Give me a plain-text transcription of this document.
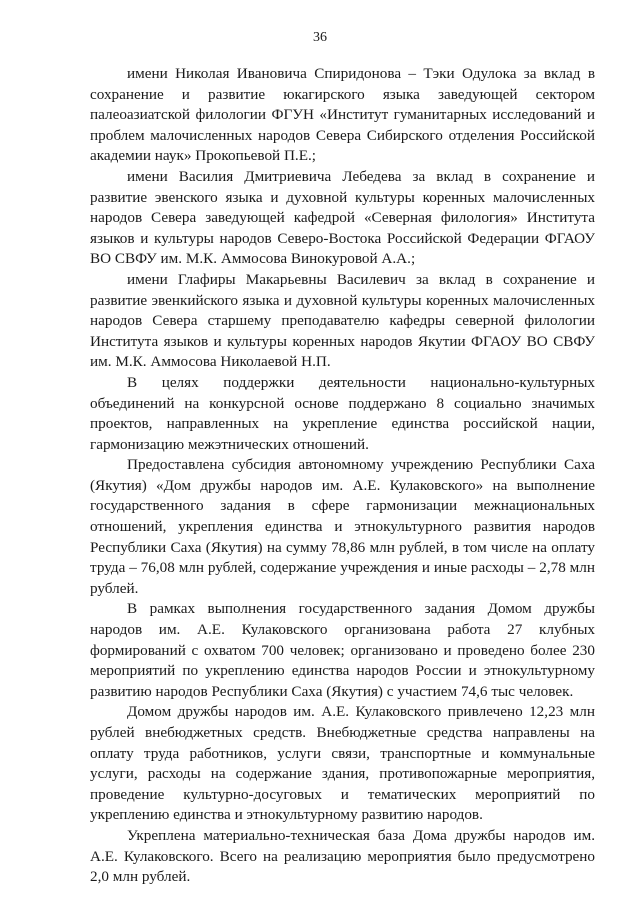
36

имени Николая Ивановича Спиридонова – Тэки Одулока за вклад в сохранение и развитие юкагирского языка заведующей сектором палеоазиатской филологии ФГУН «Институт гуманитарных исследований и проблем малочисленных народов Севера Сибирского отделения Российской академии наук» Прокопьевой П.Е.;

имени Василия Дмитриевича Лебедева за вклад в сохранение и развитие эвенского языка и духовной культуры коренных малочисленных народов Севера заведующей кафедрой «Северная филология» Института языков и культуры народов Северо-Востока Российской Федерации ФГАОУ ВО СВФУ им. М.К. Аммосова Винокуровой А.А.;

имени Глафиры Макарьевны Василевич за вклад в сохранение и развитие эвенкийского языка и духовной культуры коренных малочисленных народов Севера старшему преподавателю кафедры северной филологии Института языков и культуры коренных народов Якутии ФГАОУ ВО СВФУ им. М.К. Аммосова Николаевой Н.П.

В целях поддержки деятельности национально-культурных объединений на конкурсной основе поддержано 8 социально значимых проектов, направленных на укрепление единства российской нации, гармонизацию межэтнических отношений.

Предоставлена субсидия автономному учреждению Республики Саха (Якутия) «Дом дружбы народов им. А.Е. Кулаковского» на выполнение государственного задания в сфере гармонизации межнациональных отношений, укрепления единства и этнокультурного развития народов Республики Саха (Якутия) на сумму 78,86 млн рублей, в том числе на оплату труда – 76,08 млн рублей, содержание учреждения и иные расходы – 2,78 млн рублей.

В рамках выполнения государственного задания Домом дружбы народов им. А.Е. Кулаковского организована работа 27 клубных формирований с охватом 700 человек; организовано и проведено более 230 мероприятий по укреплению единства народов России и этнокультурному развитию народов Республики Саха (Якутия) с участием 74,6 тыс человек.

Домом дружбы народов им. А.Е. Кулаковского привлечено 12,23 млн рублей внебюджетных средств. Внебюджетные средства направлены на оплату труда работников, услуги связи, транспортные и коммунальные услуги, расходы на содержание здания, противопожарные мероприятия, проведение культурно-досуговых и тематических мероприятий по укреплению единства и этнокультурному развитию народов.

Укреплена материально-техническая база Дома дружбы народов им. А.Е. Кулаковского. Всего на реализацию мероприятия было предусмотрено 2,0 млн рублей.
